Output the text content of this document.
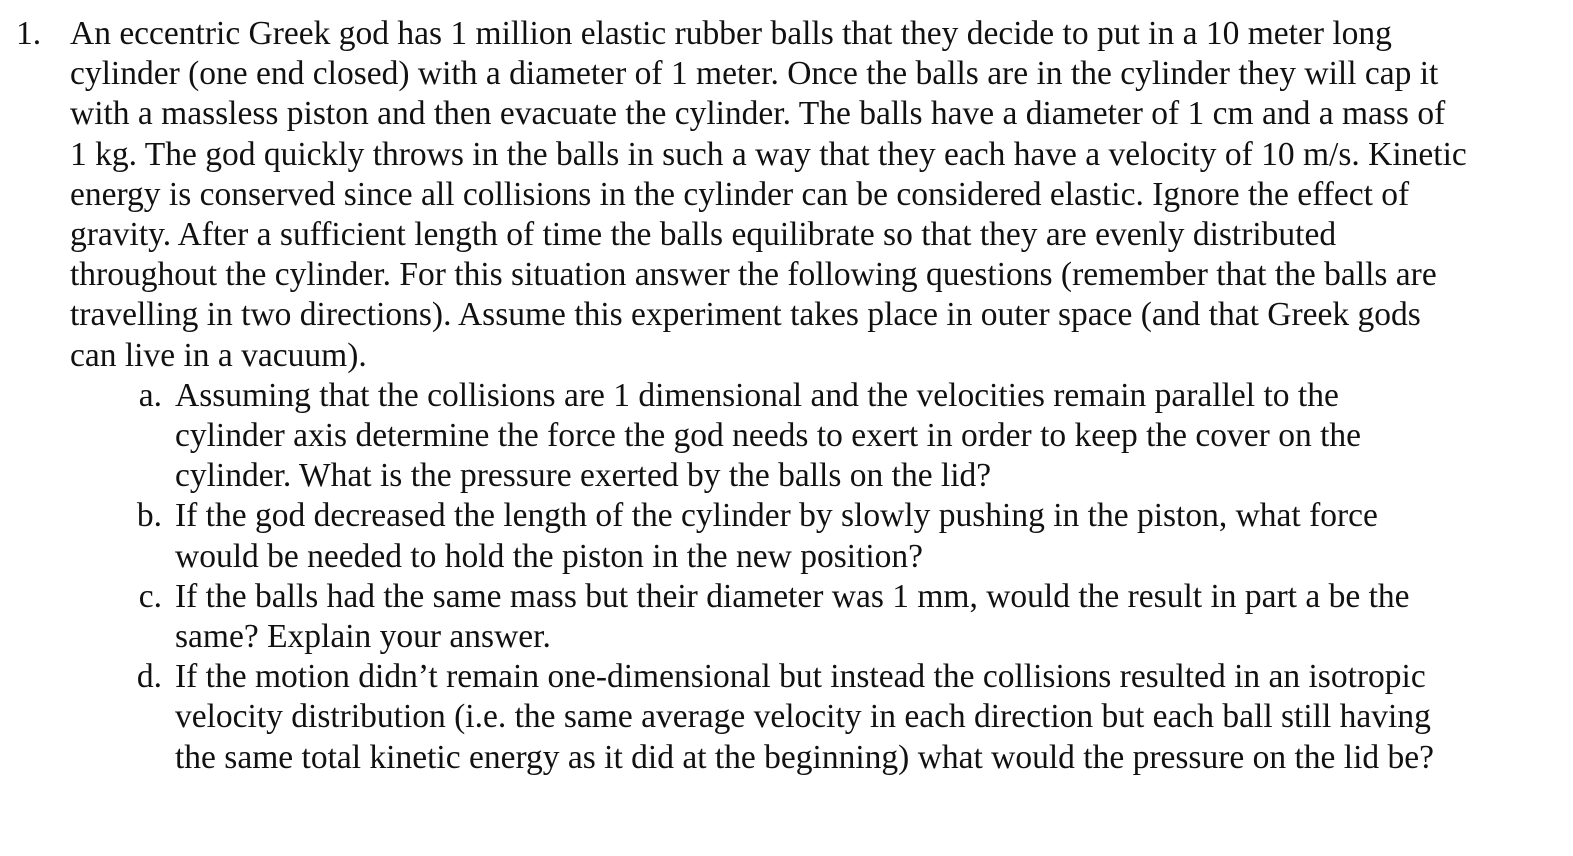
1. An eccentric Greek god has 1 million elastic rubber balls that they decide to put in a 10 meter long cylinder (one end closed) with a diameter of 1 meter. Once the balls are in the cylinder they will cap it with a massless piston and then evacuate the cylinder. The balls have a diameter of 1 cm and a mass of 1 kg. The god quickly throws in the balls in such a way that they each have a velocity of 10 m/s. Kinetic energy is conserved since all collisions in the cylinder can be considered elastic. Ignore the effect of gravity. After a sufficient length of time the balls equilibrate so that they are evenly distributed throughout the cylinder. For this situation answer the following questions (remember that the balls are travelling in two directions). Assume this experiment takes place in outer space (and that Greek gods can live in a vacuum).
a. Assuming that the collisions are 1 dimensional and the velocities remain parallel to the cylinder axis determine the force the god needs to exert in order to keep the cover on the cylinder. What is the pressure exerted by the balls on the lid?
b. If the god decreased the length of the cylinder by slowly pushing in the piston, what force would be needed to hold the piston in the new position?
c. If the balls had the same mass but their diameter was 1 mm, would the result in part a be the same? Explain your answer.
d. If the motion didn’t remain one-dimensional but instead the collisions resulted in an isotropic velocity distribution (i.e. the same average velocity in each direction but each ball still having the same total kinetic energy as it did at the beginning) what would the pressure on the lid be?
